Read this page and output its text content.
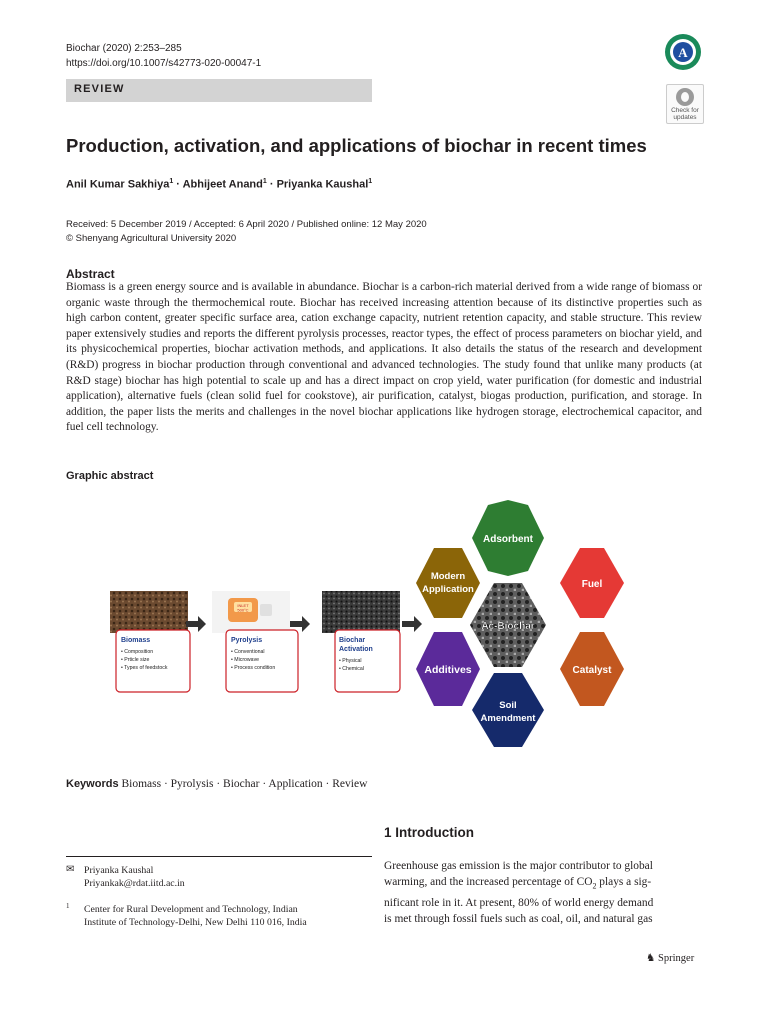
Biochar (2020) 2:253–285
https://doi.org/10.1007/s42773-020-00047-1
REVIEW
A
Check for
updates
Production, activation, and applications of biochar in recent times
Anil Kumar Sakhiya$^1$ · Abhijeet Anand$^1$ · Priyanka Kaushal$^1$
Received: 5 December 2019 / Accepted: 6 April 2020 / Published online: 12 May 2020
© Shenyang Agricultural University 2020
Abstract
Biomass is a green energy source and is available in abundance. Biochar is a carbon-rich material derived from a wide range of biomass or organic waste through the thermochemical route. Biochar has received increasing attention because of its distinctive properties such as high carbon content, greater specific surface area, cation exchange capacity, nutrient retention capacity, and stable structure. This review paper extensively studies and reports the different pyrolysis processes, reactor types, the effect of process parameters on biochar yield, and its physicochemical properties, biochar activation methods, and applications. It also details the status of the research and development (R&D) progress in biochar production through conventional and advanced technologies. The study found that unlike many products (at R&D stage) biochar has high potential to scale up and has a direct impact on crop yield, water purification (for domestic and industrial application), alternative fuels (clean solid fuel for cookstove), air purification, catalyst, biogas production, purification, and storage. In addition, the paper lists the merits and challenges in the novel biochar applications like hydrogen storage, electrochemical capacitor, and fuel cell technology.
Graphic abstract
Biomass
• Composition
• Prticle size
• Types of feedstock
INLET
500°C
Pyrolysis
• Conventional
• Microwave
• Process condition
Biochar
Activation
• Physical
• Chemical
Adsorbent
Modern
Application	Fuel
Ac-Biochar
Additives	Catalyst
Soil
Amendment
Keywords Biomass · Pyrolysis · Biochar · Application · Review
1 Introduction
Greenhouse gas emission is the major contributor to global
warming, and the increased percentage of $CO_2$ plays a sig-
nificant role in it. At present, 80% of world energy demand
is met through fossil fuels such as coal, oil, and natural gas
✉ Priyanka Kaushal
Priyankak@rdat.iitd.ac.in
1 Center for Rural Development and Technology, Indian
Institute of Technology-Delhi, New Delhi 110 016, India
♞ Springer
